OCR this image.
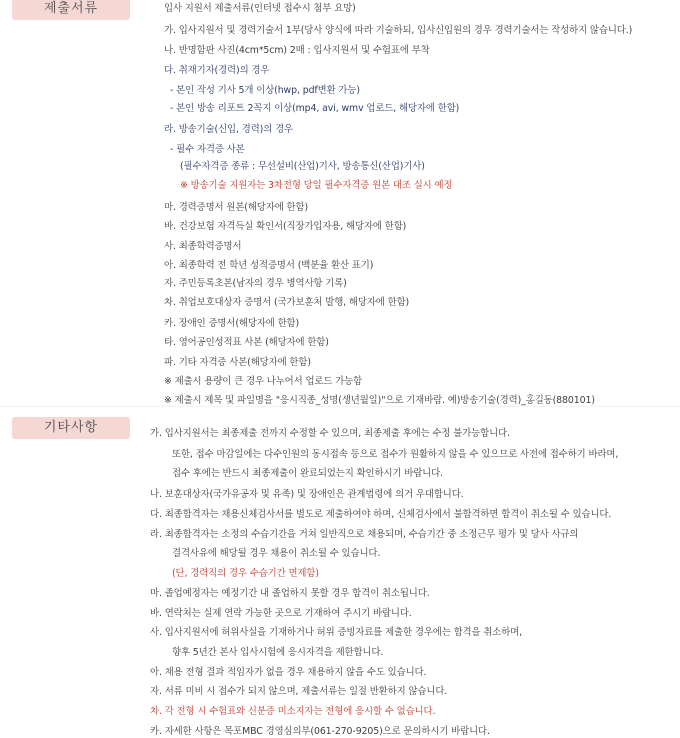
제출서류	입사 지원서 제출서류(인터넷 접수시 첨부 요망)
가. 입사지원서 및 경력기술서 1부(당사 양식에 따라 기술하되, 입사신입원의 경우 경력기술서는 작성하지 않습니다.)
나. 반명함판 사진(4cm*5cm) 2매 : 입사지원서 및 수험표에 부착
다. 취재기자(경력)의 경우
- 본인 작성 기사 5개 이상(hwp, pdf변환 가능)
- 본인 방송 리포트 2꼭지 이상(mp4, avi, wmv 업로드, 해당자에 한함)
라. 방송기술(신입, 경력)의 경우
- 필수 자격증 사본
(필수자격증 종류 : 무선설비(산업)기사, 방송통신(산업)기사)
※ 방송기술 지원자는 3차전형 당일 필수자격증 원본 대조 실시 예정
마. 경력증명서 원본(해당자에 한함)
바. 건강보험 자격득실 확인서(직장가입자용, 해당자에 한함)
사. 최종학력증명서
아. 최종학력 전 학년 성적증명서 (백분율 환산 표기)
자. 주민등록초본(남자의 경우 병역사항 기록)
차. 취업보호대상자 증명서 (국가보훈처 발행, 해당자에 한함)
카. 장애인 증명서(해당자에 한함)
타. 영어공인성적표 사본 (해당자에 한함)
파. 기타 자격증 사본(해당자에 한함)
※ 제출시 용량이 큰 경우 나누어서 업로드 가능함
※ 제출시 제목 및 파일명을 "응시직종_성명(생년월일)"으로 기재바람. 예)방송기술(경력)_홍길동(880101)
기타사항	가. 입사지원서는 최종제출 전까지 수정할 수 있으며, 최종제출 후에는 수정 불가능합니다.
또한, 접수 마감일에는 다수인원의 동시접속 등으로 접수가 원활하지 않을 수 있으므로 사전에 접수하기 바라며,
접수 후에는 반드시 최종제출이 완료되었는지 확인하시기 바랍니다.
나. 보훈대상자(국가유공자 및 유족) 및 장애인은 관계법령에 의거 우대합니다.
다. 최종합격자는 채용신체검사서를 별도로 제출하여야 하며, 신체검사에서 불합격하면 합격이 취소될 수 있습니다.
라. 최종합격자는 소정의 수습기간을 거쳐 일반직으로 채용되며, 수습기간 중 소정근무 평가 및 당사 사규의
결격사유에 해당될 경우 채용이 취소될 수 있습니다.
(단, 경력직의 경우 수습기간 면제함)
마. 졸업예정자는 예정기간 내 졸업하지 못할 경우 합격이 취소됩니다.
바. 연락처는 실제 연락 가능한 곳으로 기재하여 주시기 바랍니다.
사. 입사지원서에 허위사실을 기재하거나 허위 증빙자료를 제출한 경우에는 합격을 취소하며,
향후 5년간 본사 입사시험에 응시자격을 제한합니다.
아. 채용 전형 결과 적임자가 없을 경우 채용하지 않을 수도 있습니다.
자. 서류 미비 시 접수가 되지 않으며, 제출서류는 일절 반환하지 않습니다.
차. 각 전형 시 수험표와 신분증 미소지자는 전형에 응시할 수 없습니다.
카. 자세한 사항은 목포MBC 경영심의부(061-270-9205)으로 문의하시기 바랍니다.
